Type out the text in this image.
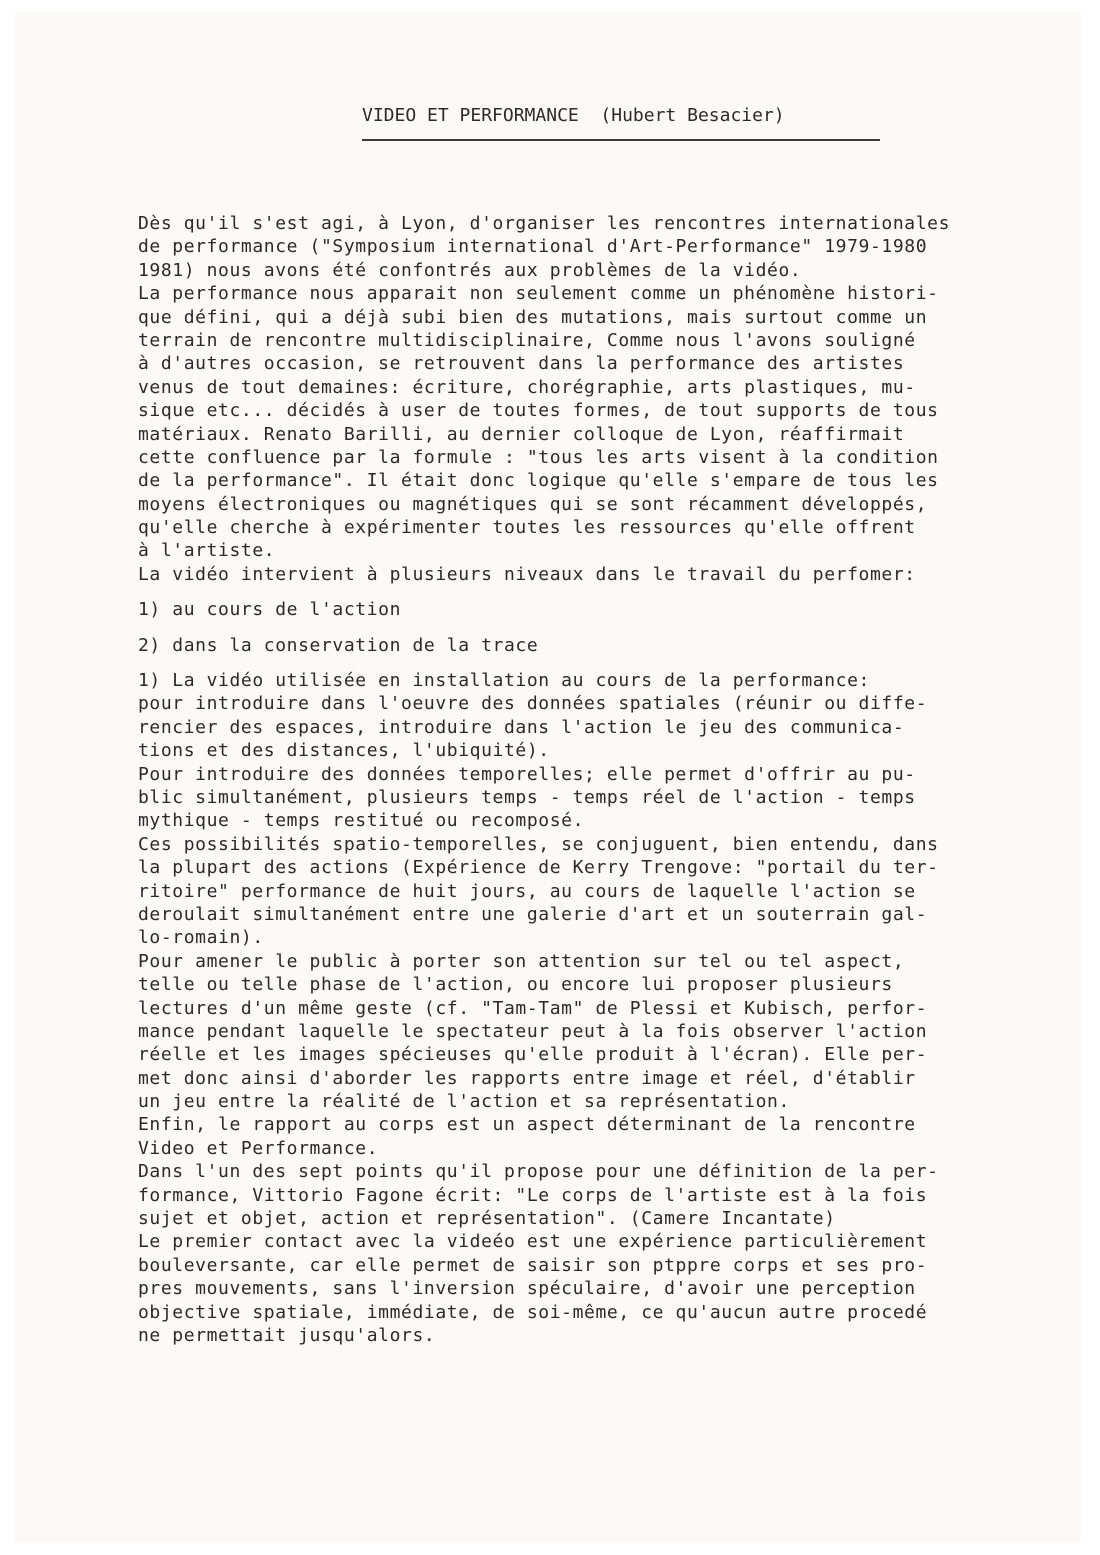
VIDEO ET PERFORMANCE  (Hubert Besacier)
Dès qu'il s'est agi, à Lyon, d'organiser les rencontres internationales
de performance ("Symposium international d'Art-Performance" 1979-1980
1981) nous avons été confontrés aux problèmes de la vidéo.
La performance nous apparait non seulement comme un phénomène histori-
que défini, qui a déjà subi bien des mutations, mais surtout comme un
terrain de rencontre multidisciplinaire, Comme nous l'avons souligné
à d'autres occasion, se retrouvent dans la performance des artistes
venus de tout demaines: écriture, chorégraphie, arts plastiques, mu-
sique etc... décidés à user de toutes formes, de tout supports de tous
matériaux. Renato Barilli, au dernier colloque de Lyon, réaffirmait
cette confluence par la formule : "tous les arts visent à la condition
de la performance". Il était donc logique qu'elle s'empare de tous les
moyens électroniques ou magnétiques qui se sont récamment développés,
qu'elle cherche à expérimenter toutes les ressources qu'elle offrent
à l'artiste.
La vidéo intervient à plusieurs niveaux dans le travail du perfomer:
1) au cours de l'action
2) dans la conservation de la trace
1) La vidéo utilisée en installation au cours de la performance:
pour introduire dans l'oeuvre des données spatiales (réunir ou diffe-
rencier des espaces, introduire dans l'action le jeu des communica-
tions et des distances, l'ubiquité).
Pour introduire des données temporelles; elle permet d'offrir au pu-
blic simultanément, plusieurs temps - temps réel de l'action - temps
mythique - temps restitué ou recomposé.
Ces possibilités spatio-temporelles, se conjuguent, bien entendu, dans
la plupart des actions (Expérience de Kerry Trengove: "portail du ter-
ritoire" performance de huit jours, au cours de laquelle l'action se
deroulait simultanément entre une galerie d'art et un souterrain gal-
lo-romain).
Pour amener le public à porter son attention sur tel ou tel aspect,
telle ou telle phase de l'action, ou encore lui proposer plusieurs
lectures d'un même geste (cf. "Tam-Tam" de Plessi et Kubisch, perfor-
mance pendant laquelle le spectateur peut à la fois observer l'action
réelle et les images spécieuses qu'elle produit à l'écran). Elle per-
met donc ainsi d'aborder les rapports entre image et réel, d'établir
un jeu entre la réalité de l'action et sa représentation.
Enfin, le rapport au corps est un aspect déterminant de la rencontre
Video et Performance.
Dans l'un des sept points qu'il propose pour une définition de la per-
formance, Vittorio Fagone écrit: "Le corps de l'artiste est à la fois
sujet et objet, action et représentation". (Camere Incantate)
Le premier contact avec la videéo est une expérience particulièrement
bouleversante, car elle permet de saisir son ptppre corps et ses pro-
pres mouvements, sans l'inversion spéculaire, d'avoir une perception
objective spatiale, immédiate, de soi-même, ce qu'aucun autre procedé
ne permettait jusqu'alors.
